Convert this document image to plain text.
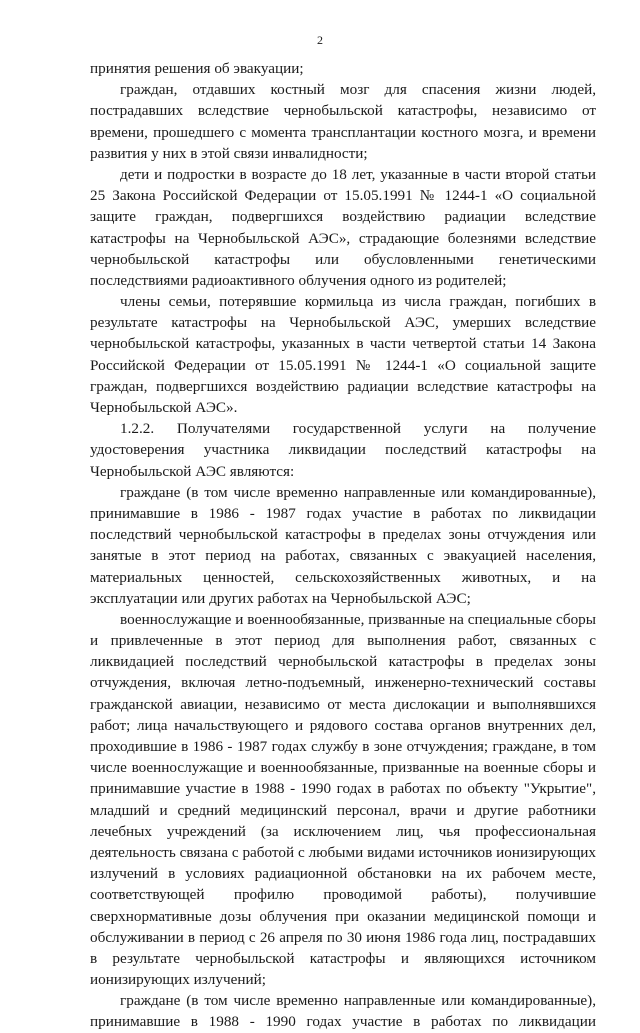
2
принятия решения об эвакуации;
граждан, отдавших костный мозг для спасения жизни людей,
пострадавших вследствие чернобыльской катастрофы, независимо от
времени, прошедшего с момента трансплантации костного мозга, и времени
развития у них в этой связи инвалидности;
дети и подростки в возрасте до 18 лет, указанные в части второй статьи
25 Закона Российской Федерации от 15.05.1991 № 1244-1 «О социальной
защите граждан, подвергшихся воздействию радиации вследствие
катастрофы на Чернобыльской АЭС», страдающие болезнями вследствие
чернобыльской катастрофы или обусловленными генетическими
последствиями радиоактивного облучения одного из родителей;
члены семьи, потерявшие кормильца из числа граждан, погибших в
результате катастрофы на Чернобыльской АЭС, умерших вследствие
чернобыльской катастрофы, указанных в части четвертой статьи 14 Закона
Российской Федерации от 15.05.1991 № 1244-1 «О социальной защите
граждан, подвергшихся воздействию радиации вследствие катастрофы на
Чернобыльской АЭС».
1.2.2. Получателями государственной услуги на получение
удостоверения участника ликвидации последствий катастрофы на
Чернобыльской АЭС являются:
граждане (в том числе временно направленные или командированные),
принимавшие в 1986 - 1987 годах участие в работах по ликвидации
последствий чернобыльской катастрофы в пределах зоны отчуждения или
занятые в этот период на работах, связанных с эвакуацией населения,
материальных ценностей, сельскохозяйственных животных, и на
эксплуатации или других работах на Чернобыльской АЭС;
военнослужащие и военнообязанные, призванные на специальные сборы
и привлеченные в этот период для выполнения работ, связанных с
ликвидацией последствий чернобыльской катастрофы в пределах зоны
отчуждения, включая летно-подъемный, инженерно-технический составы
гражданской авиации, независимо от места дислокации и выполнявшихся
работ; лица начальствующего и рядового состава органов внутренних дел,
проходившие в 1986 - 1987 годах службу в зоне отчуждения; граждане, в том
числе военнослужащие и военнообязанные, призванные на военные сборы и
принимавшие участие в 1988 - 1990 годах в работах по объекту "Укрытие",
младший и средний медицинский персонал, врачи и другие работники
лечебных учреждений (за исключением лиц, чья профессиональная
деятельность связана с работой с любыми видами источников ионизирующих
излучений в условиях радиационной обстановки на их рабочем месте,
соответствующей профилю проводимой работы), получившие
сверхнормативные дозы облучения при оказании медицинской помощи и
обслуживании в период с 26 апреля по 30 июня 1986 года лиц, пострадавших
в результате чернобыльской катастрофы и являющихся источником
ионизирующих излучений;
граждане (в том числе временно направленные или командированные),
принимавшие в 1988 - 1990 годах участие в работах по ликвидации
